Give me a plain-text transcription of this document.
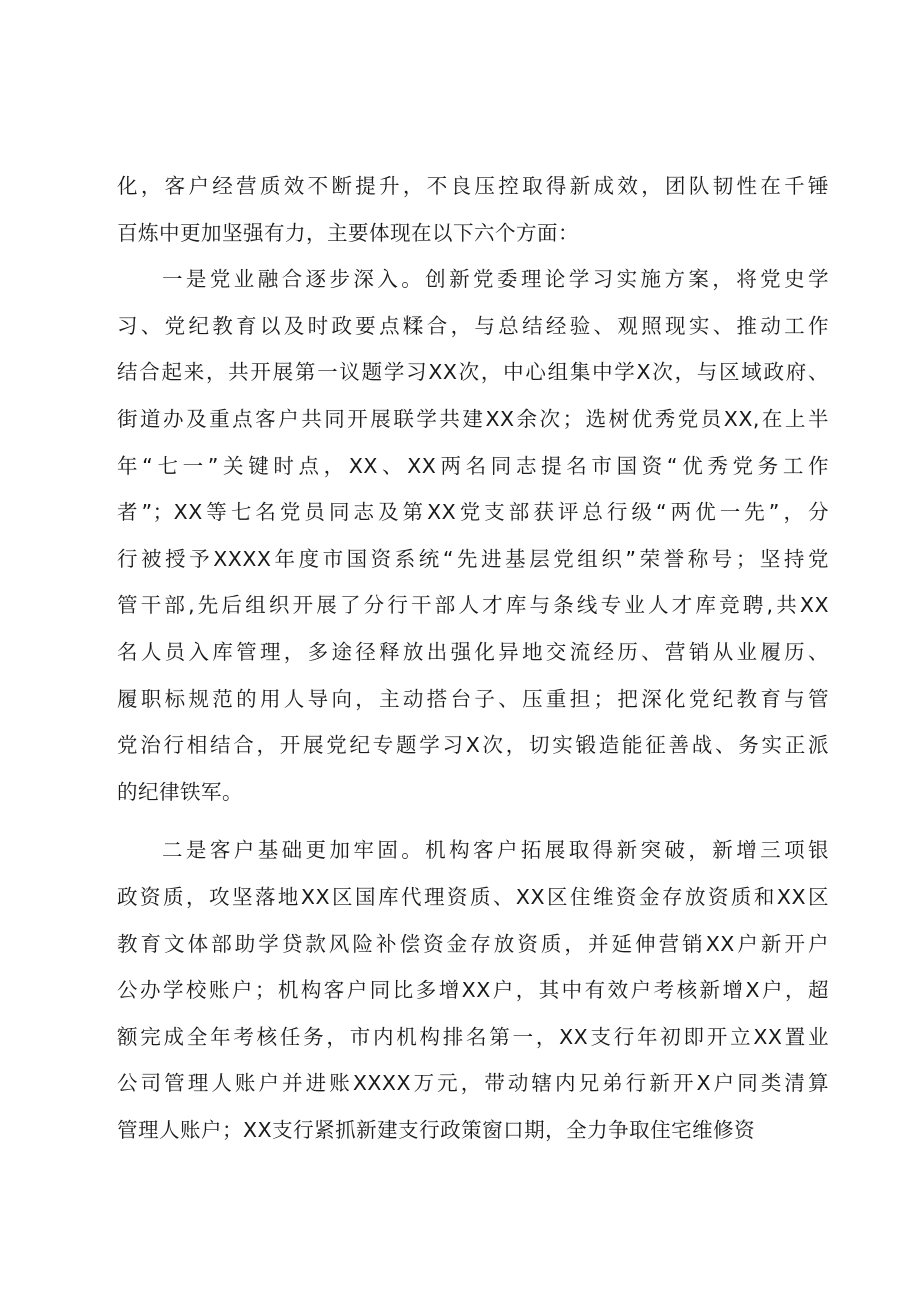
化，客户经营质效不断提升，不良压控取得新成效，团队韧性在千锤
百炼中更加坚强有力，主要体现在以下六个方面：
一是党业融合逐步深入。创新党委理论学习实施方案，将党史学
习、党纪教育以及时政要点糅合，与总结经验、观照现实、推动工作
结合起来，共开展第一议题学习XX次，中心组集中学X次，与区域政府、
街道办及重点客户共同开展联学共建XX余次；选树优秀党员XX,在上半
年“七一”关键时点，XX、XX两名同志提名市国资“优秀党务工作
者”；XX等七名党员同志及第XX党支部获评总行级“两优一先”，分
行被授予XXXX年度市国资系统“先进基层党组织”荣誉称号；坚持党
管干部,先后组织开展了分行干部人才库与条线专业人才库竞聘,共XX
名人员入库管理，多途径释放出强化异地交流经历、营销从业履历、
履职标规范的用人导向，主动搭台子、压重担；把深化党纪教育与管
党治行相结合，开展党纪专题学习X次，切实锻造能征善战、务实正派
的纪律铁军。
二是客户基础更加牢固。机构客户拓展取得新突破，新增三项银
政资质，攻坚落地XX区国库代理资质、XX区住维资金存放资质和XX区
教育文体部助学贷款风险补偿资金存放资质，并延伸营销XX户新开户
公办学校账户；机构客户同比多增XX户，其中有效户考核新增X户，超
额完成全年考核任务，市内机构排名第一，XX支行年初即开立XX置业
公司管理人账户并进账XXXX万元，带动辖内兄弟行新开X户同类清算
管理人账户；XX支行紧抓新建支行政策窗口期，全力争取住宅维修资
